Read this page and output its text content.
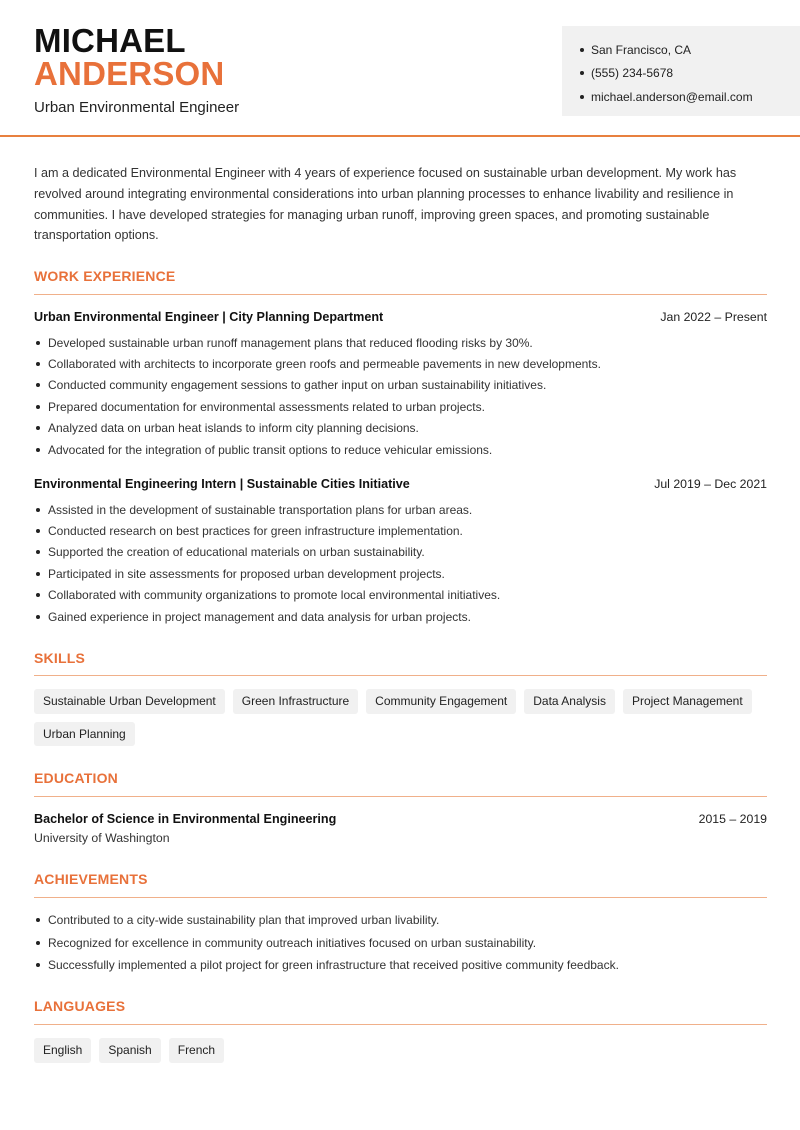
MICHAEL
ANDERSON
Urban Environmental Engineer
San Francisco, CA
(555) 234-5678
michael.anderson@email.com

I am a dedicated Environmental Engineer with 4 years of experience focused on sustainable urban development. My work has revolved around integrating environmental considerations into urban planning processes to enhance livability and resilience in communities. I have developed strategies for managing urban runoff, improving green spaces, and promoting sustainable transportation options.

WORK EXPERIENCE
Urban Environmental Engineer | City Planning Department	Jan 2022 – Present
Developed sustainable urban runoff management plans that reduced flooding risks by 30%.
Collaborated with architects to incorporate green roofs and permeable pavements in new developments.
Conducted community engagement sessions to gather input on urban sustainability initiatives.
Prepared documentation for environmental assessments related to urban projects.
Analyzed data on urban heat islands to inform city planning decisions.
Advocated for the integration of public transit options to reduce vehicular emissions.
Environmental Engineering Intern | Sustainable Cities Initiative	Jul 2019 – Dec 2021
Assisted in the development of sustainable transportation plans for urban areas.
Conducted research on best practices for green infrastructure implementation.
Supported the creation of educational materials on urban sustainability.
Participated in site assessments for proposed urban development projects.
Collaborated with community organizations to promote local environmental initiatives.
Gained experience in project management and data analysis for urban projects.
SKILLS
Sustainable Urban Development	Green Infrastructure	Community Engagement	Data Analysis	Project Management
Urban Planning
EDUCATION
Bachelor of Science in Environmental Engineering	2015 – 2019
University of Washington
ACHIEVEMENTS
Contributed to a city-wide sustainability plan that improved urban livability.
Recognized for excellence in community outreach initiatives focused on urban sustainability.
Successfully implemented a pilot project for green infrastructure that received positive community feedback.
LANGUAGES
English	Spanish	French
